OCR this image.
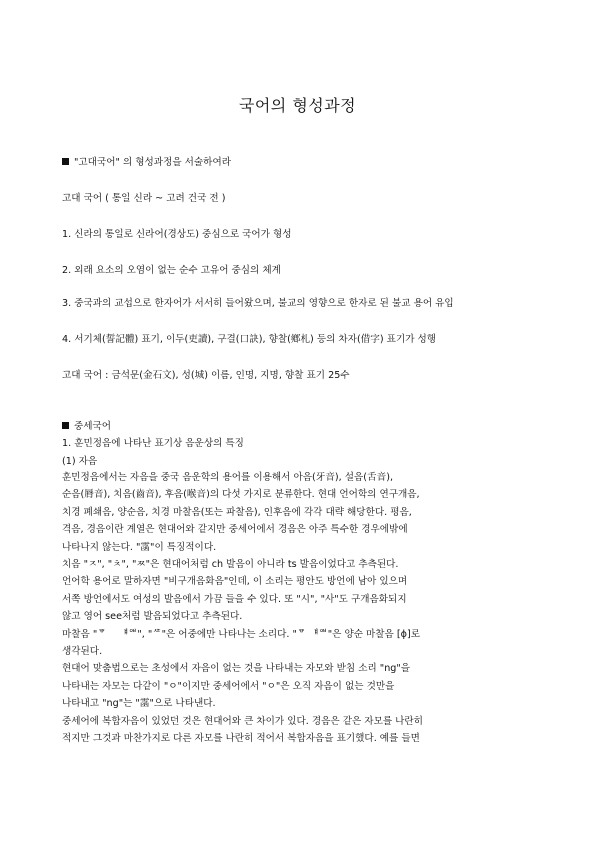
국어의 형성과정
"고대국어" 의 형성과정을 서술하여라
고대 국어 ( 통일 신라 ~ 고려 건국 전 )
1. 신라의 통일로 신라어(경상도) 중심으로 국어가 형성
2. 외래 요소의 오염이 없는 순수 고유어 중심의 체계
3. 중국과의 교섭으로 한자어가 서서히 들어왔으며, 불교의 영향으로 한자로 된 불교 용어 유입
4. 서기체(誓記體) 표기, 이두(吏讀), 구결(口訣), 향찰(鄕札) 등의 차자(借字) 표기가 성행
고대 국어 : 금석문(金石文), 성(城) 이름, 인명, 지명, 향찰 표기 25수
중세국어
1. 훈민정음에 나타난 표기상 음운상의 특징
(1) 자음
훈민정음에서는 자음을 중국 음운학의 용어를 이용해서 아음(牙音), 설음(舌音),
순음(脣音), 치음(齒音), 후음(喉音)의 다섯 가지로 분류한다. 현대 언어학의 연구개음,
치경 폐쇄음, 양순음, 치경 마찰음(또는 파찰음), 인후음에 각각 대략 해당한다. 평음,
격음, 경음이란 계열은 현대어와 같지만 중세어에서 경음은 아주 특수한 경우에밖에
나타나지 않는다. "䨡"이 특징적이다.
치음 "ㅈ", "ㅊ", "ㅉ"은 현대어처럼 ch 발음이 아니라 ts 발음이었다고 추측된다.
언어학 용어로 말하자면 "비구개음화음"인데, 이 소리는 평안도 방언에 남아 있으며
서쪽 방언에서도 여성의 발음에서 가끔 들을 수 있다. 또 "시", "사"도 구개음화되지
않고 영어 see처럼 발음되었다고 추측된다.
마찰음 "ᅗᅟ ᅤᅄ", "ᄻ"은 어중에만 나타나는 소리다. "ᅗ ᅤᅄ"은 양순 마찰음 [ɸ]로
생각된다.
현대어 맞춤법으로는 초성에서 자음이 없는 것을 나타내는 자모와 받침 소리 "ng"을
나타내는 자모는 다같이 "ㅇ"이지만 중세어에서 "ㅇ"은 오직 자음이 없는 것만을
나타내고 "ng"는 "䨡"으로 나타낸다.
중세어에 복합자음이 있었던 것은 현대어와 큰 차이가 있다. 경음은 같은 자모를 나란히
적지만 그것과 마찬가지로 다른 자모를 나란히 적어서 복합자음을 표기했다. 예를 들면
